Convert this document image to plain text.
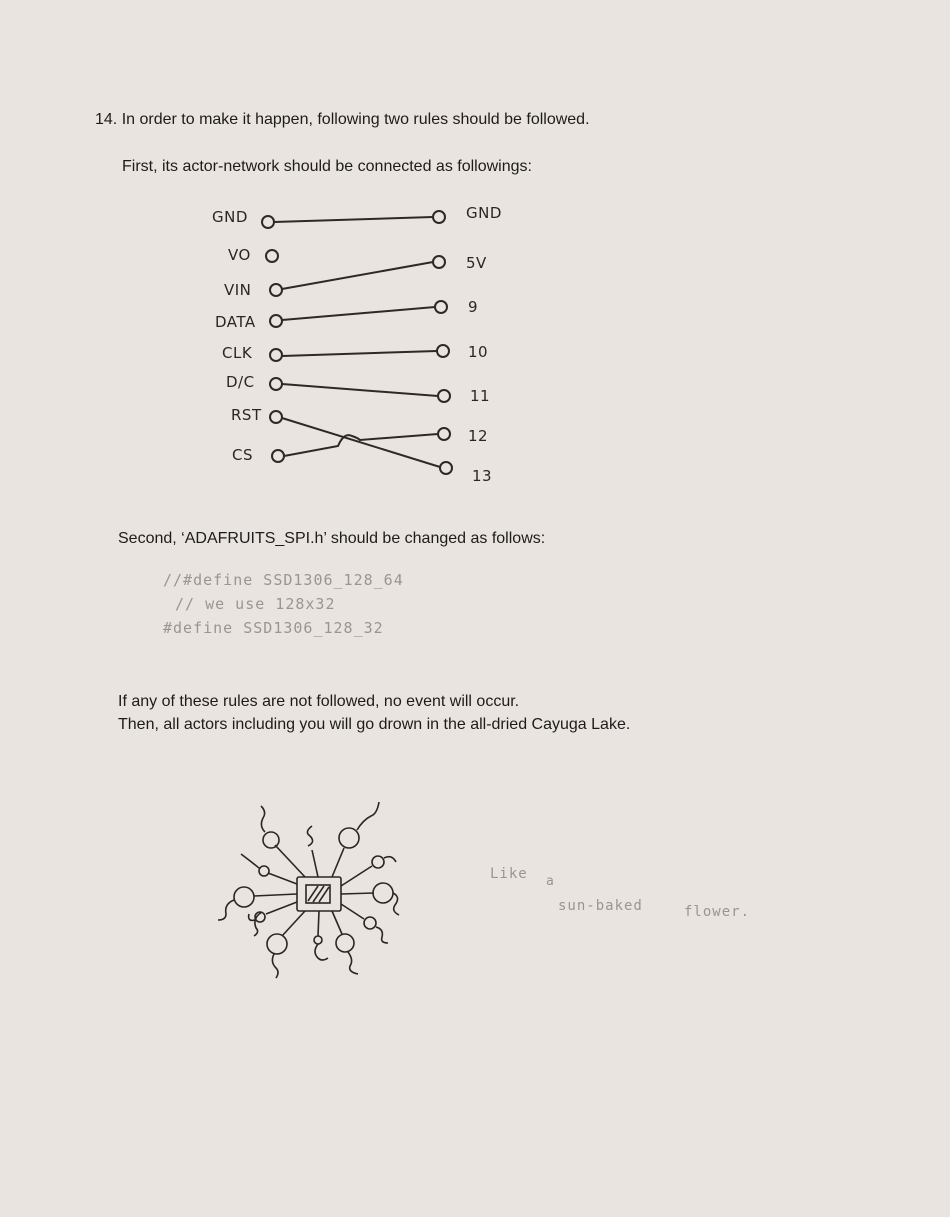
14. In order to make it happen, following two rules should be followed.
First, its actor-network should be connected as followings:
GND
VO
VIN
DATA
CLK
D/C
RST
CS
GND
5V
9
10
11
12
13
Second, ‘ADAFRUITS_SPI.h’ should be changed as follows:
//#define SSD1306_128_64
// we use 128x32
#define SSD1306_128_32
If any of these rules are not followed, no event will occur.
Then, all actors including you will go drown in the all-dried Cayuga Lake.
Like a
sun-baked	flower.
